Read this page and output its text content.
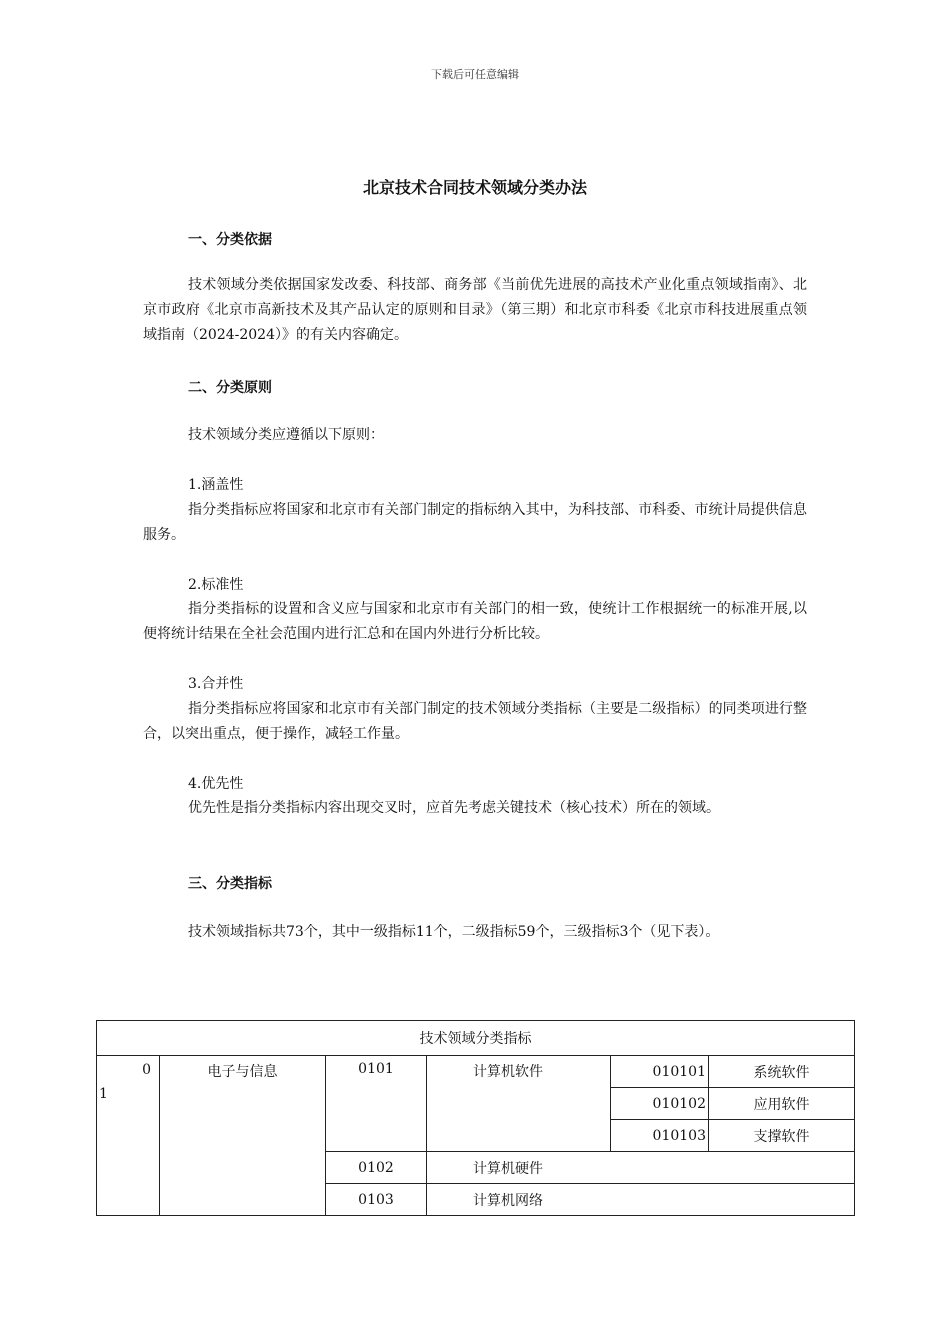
下载后可任意编辑
北京技术合同技术领域分类办法
一、分类依据

技术领域分类依据国家发改委、科技部、商务部《当前优先进展的高技术产业化重点领域指南》、北京市政府《北京市高新技术及其产品认定的原则和目录》（第三期）和北京市科委《北京市科技进展重点领域指南（2024-2024）》的有关内容确定。

二、分类原则

技术领域分类应遵循以下原则：

1.涵盖性

指分类指标应将国家和北京市有关部门制定的指标纳入其中，为科技部、市科委、市统计局提供信息服务。

2.标准性

指分类指标的设置和含义应与国家和北京市有关部门的相一致，使统计工作根据统一的标准开展,以便将统计结果在全社会范围内进行汇总和在国内外进行分析比较。

3.合并性

指分类指标应将国家和北京市有关部门制定的技术领域分类指标（主要是二级指标）的同类项进行整合，以突出重点，便于操作，减轻工作量。

4.优先性

优先性是指分类指标内容出现交叉时，应首先考虑关键技术（核心技术）所在的领域。

三、分类指标

技术领域指标共73个，其中一级指标11个，二级指标59个，三级指标3个（见下表）。

技术领域分类指标					

0
1	电子与信息	0101	计算机软件	010101	系统软件
				010102	应用软件
				010103	支撑软件
		0102	计算机硬件		
		0103	计算机网络		
